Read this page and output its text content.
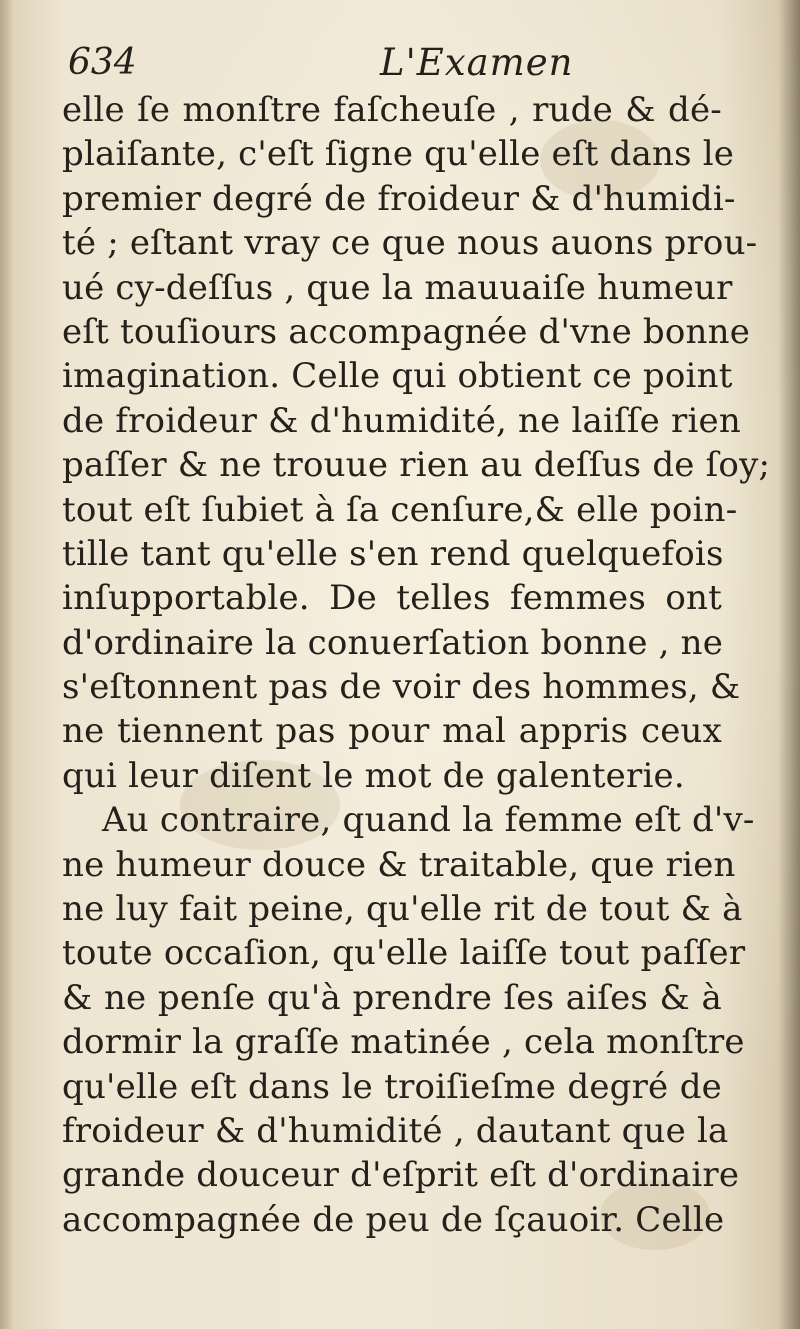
634	L'Examen
elle ſe monſtre faſcheuſe , rude & dé-
plaiſante, c'eſt ſigne qu'elle eſt dans le
premier degré de froideur & d'humidi-
té ; eſtant vray ce que nous auons prou-
ué cy-deſſus , que la mauuaiſe humeur
eſt touſiours accompagnée d'vne bonne
imagination. Celle qui obtient ce point
de froideur & d'humidité, ne laiſſe rien
paſſer & ne trouue rien au deſſus de ſoy;
tout eſt ſubiet à ſa cenſure,& elle poin-
tille tant qu'elle s'en rend quelquefois
inſupportable. De telles femmes ont
d'ordinaire la conuerſation bonne , ne
s'eſtonnent pas de voir des hommes, &
ne tiennent pas pour mal appris ceux
qui leur diſent le mot de galenterie.
Au contraire, quand la femme eſt d'v-
ne humeur douce & traitable, que rien
ne luy fait peine, qu'elle rit de tout & à
toute occaſion, qu'elle laiſſe tout paſſer
& ne penſe qu'à prendre ſes aiſes & à
dormir la graſſe matinée , cela monſtre
qu'elle eſt dans le troiſieſme degré de
froideur & d'humidité , dautant que la
grande douceur d'eſprit eſt d'ordinaire
accompagnée de peu de ſçauoir. Celle
